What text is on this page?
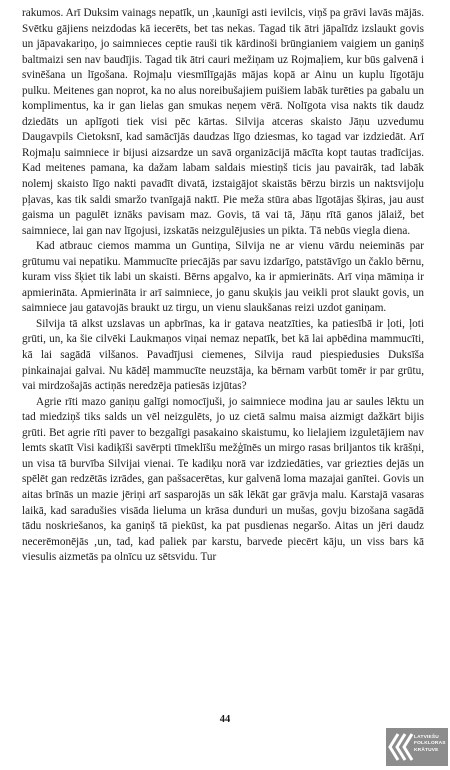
rakumos. Arī Duksim vainags nepatīk, un ‚kaunīgi asti ievilcis, viņš pa grāvi lavās mājās. Svētku gājiens neizdodas kā iecerēts, bet tas nekas. Tagad tik ātri jāpalīdz izslaukt govis un jāpavakariņo, jo saimnieces ceptie rauši tik kārdinoši brūngianiem vaigiem un ganiņš baltmaizi sen nav baudījis. Tagad tik ātri cauri mežiņam uz Rojmaļiem, kur būs galvenā i svinēšana un līgošana. Rojmaļu viesmīlīgajās mājas kopā ar Ainu un kuplu līgotāju pulku. Meitenes gan noprot, ka no alus noreibušajiem puišiem labāk turēties pa gabalu un komplimentus, ka ir gan lielas gan smukas neņem vērā. Nolīgota visa nakts tik daudz dziedāts un aplīgoti tiek visi pēc kārtas. Silvija atceras skaisto Jāņu uzvedumu Daugavpils Cietoksnī, kad samācījās daudzas līgo dziesmas, ko tagad var izdziedāt. Arī Rojmaļu saimniece ir bijusi aizsardze un savā organizācijā mācīta kopt tautas tradīcijas. Kad meitenes pamana, ka dažam labam saldais miestiņš ticis jau pavairāk, tad labāk nolemj skaisto līgo nakti pavadīt divatā, izstaigājot skaistās bērzu birzis un naktsvijoļu pļavas, kas tik saldi smaržo tvanīgajā naktī. Pie meža stūra abas līgotājas šķiras, jau aust gaisma un pagulēt iznāks pavisam maz. Govis, tā vai tā, Jāņu rītā ganos jālaiž, bet saimniece, lai gan nav līgojusi, izskatās neizgulējusies un pikta. Tā nebūs viegla diena.

Kad atbrauc ciemos mamma un Guntiņa, Silvija ne ar vienu vārdu neieminās par grūtumu vai nepatiku. Mammucīte priecājās par savu izdarīgo, patstāvīgo un čaklo bērnu, kuram viss šķiet tik labi un skaisti. Bērns apgalvo, ka ir apmierināts. Arī viņa māmiņa ir apmierināta. Apmierināta ir arī saimniece, jo ganu skuķis jau veikli prot slaukt govis, un saimniece jau gatavojās braukt uz tirgu, un vienu slaukšanas reizi uzdot ganiņam.

Silvija tā alkst uzslavas un apbrīnas, ka ir gatava neatzīties, ka patiesībā ir ļoti, ļoti grūti, un, ka šie cilvēki Laukmaņos viņai nemaz nepatīk, bet kā lai apbēdina mammucīti, kā lai sagādā vilšanos. Pavadījusi ciemenes, Silvija raud piespiedusies Duksīša pinkainajai galvai. Nu kādēļ mammucīte neuzstāja, ka bērnam varbūt tomēr ir par grūtu, vai mirdzošajās actiņās neredzēja patiesās izjūtas?

Agrie rīti mazo ganiņu galīgi nomocījuši, jo saimniece modina jau ar saules lēktu un tad miedziņš tiks salds un vēl neizgulēts, jo uz cietā salmu maisa aizmigt dažkārt bijis grūti. Bet agrie rīti paver to bezgalīgi pasakaino skaistumu, ko lielajiem izguletājiem nav lemts skatīt Visi kadiķīši savērpti tīmeklīšu mežģīnēs un mirgo rasas briljantos tik krāšņi, un visa tā burvība Silvijai vienai. Te kadiķu norā var izdziedāties, var griezties dejās un spēlēt gan redzētās izrādes, gan pašsacerētas, kur galvenā loma mazajai ganītei. Govis un aitas brīnās un mazie jēriņi arī sasparojās un sāk lēkāt gar grāvja malu. Karstajā vasaras laikā, kad saradušies visāda lieluma un krāsa dunduri un mušas, govju bizošana sagādā tādu noskriešanos, ka ganiņš tā piekūst, ka pat pusdienas negaršo. Aitas un jēri daudz necerēmonējās ‚un, tad, kad paliek par karstu, barvede piecērt kāju, un viss bars kā viesulis aizmetās pa olnīcu uz sētsvidu. Tur

44
LATVIEŠU
FOLKLORAS
KRĀTUVE
